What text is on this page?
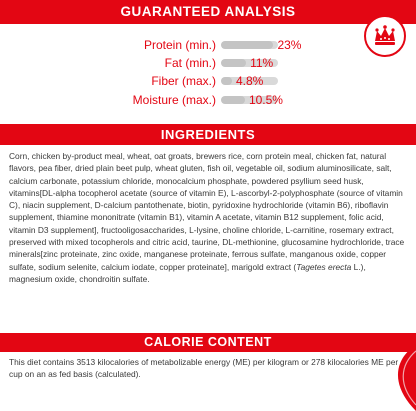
GUARANTEED ANALYSIS
Protein (min.)	23%
Fat (min.)	11%
Fiber (max.) 4.8%
Moisture (max.)	10.5%
INGREDIENTS

Corn, chicken by-product meal, wheat, oat groats, brewers rice, corn protein meal, chicken fat, natural flavors, pea fiber, dried plain beet pulp, wheat gluten, fish oil, vegetable oil, sodium aluminosilicate, salt, calcium carbonate, potassium chloride, monocalcium phosphate, powdered psyllium seed husk, vitamins[DL-alpha tocopherol acetate (source of vitamin E), L-ascorbyl-2-polyphosphate (source of vitamin C), niacin supplement, D-calcium pantothenate, biotin, pyridoxine hydrochloride (vitamin B6), riboflavin supplement, thiamine mononitrate (vitamin B1), vitamin A acetate, vitamin B12 supplement, folic acid, vitamin D3 supplement], fructooligosaccharides, L-lysine, choline chloride, L-carnitine, rosemary extract, preserved with mixed tocopherols and citric acid, taurine, DL-methionine, glucosamine hydrochloride, trace minerals[zinc proteinate, zinc oxide, manganese proteinate, ferrous sulfate, manganous oxide, copper sulfate, sodium selenite, calcium iodate, copper proteinate], marigold extract (Tagetes erecta L.), magnesium oxide, chondroitin sulfate.

CALORIE CONTENT

This diet contains 3513 kilocalories of metabolizable energy (ME) per kilogram or 278 kilocalories ME per cup on an as fed basis (calculated).
